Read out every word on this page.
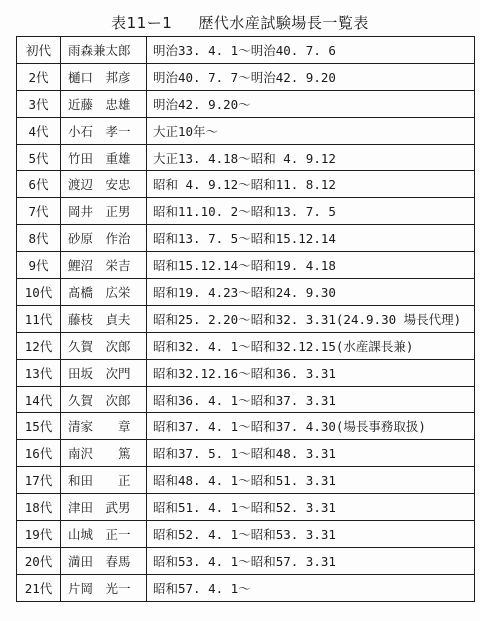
表11ー1 歴代水産試験場長一覧表
初代	雨森兼太郎	明治33. 4. 1〜明治40. 7. 6
2代	樋口　邦彦	明治40. 7. 7〜明治42. 9.20
3代	近藤　忠雄	明治42. 9.20〜
4代	小石　孝一	大正10年〜
5代	竹田　重雄	大正13. 4.18〜昭和 4. 9.12
6代	渡辺　安忠	昭和 4. 9.12〜昭和11. 8.12
7代	岡井　正男	昭和11.10. 2〜昭和13. 7. 5
8代	砂原　作治	昭和13. 7. 5〜昭和15.12.14
9代	鯉沼　栄吉	昭和15.12.14〜昭和19. 4.18
10代	髙橋　広栄	昭和19. 4.23〜昭和24. 9.30
11代	藤枝　貞夫	昭和25. 2.20〜昭和32. 3.31(24.9.30 場長代理)
12代	久賀　次郎	昭和32. 4. 1〜昭和32.12.15(水産課長兼)
13代	田坂　次門	昭和32.12.16〜昭和36. 3.31
14代	久賀　次郎	昭和36. 4. 1〜昭和37. 3.31
15代	清家　　章	昭和37. 4. 1〜昭和37. 4.30(場長事務取扱)
16代	南沢　　篤	昭和37. 5. 1〜昭和48. 3.31
17代	和田　　正	昭和48. 4. 1〜昭和51. 3.31
18代	津田　武男	昭和51. 4. 1〜昭和52. 3.31
19代	山城　正一	昭和52. 4. 1〜昭和53. 3.31
20代	満田　春馬	昭和53. 4. 1〜昭和57. 3.31
21代	片岡　光一	昭和57. 4. 1〜
